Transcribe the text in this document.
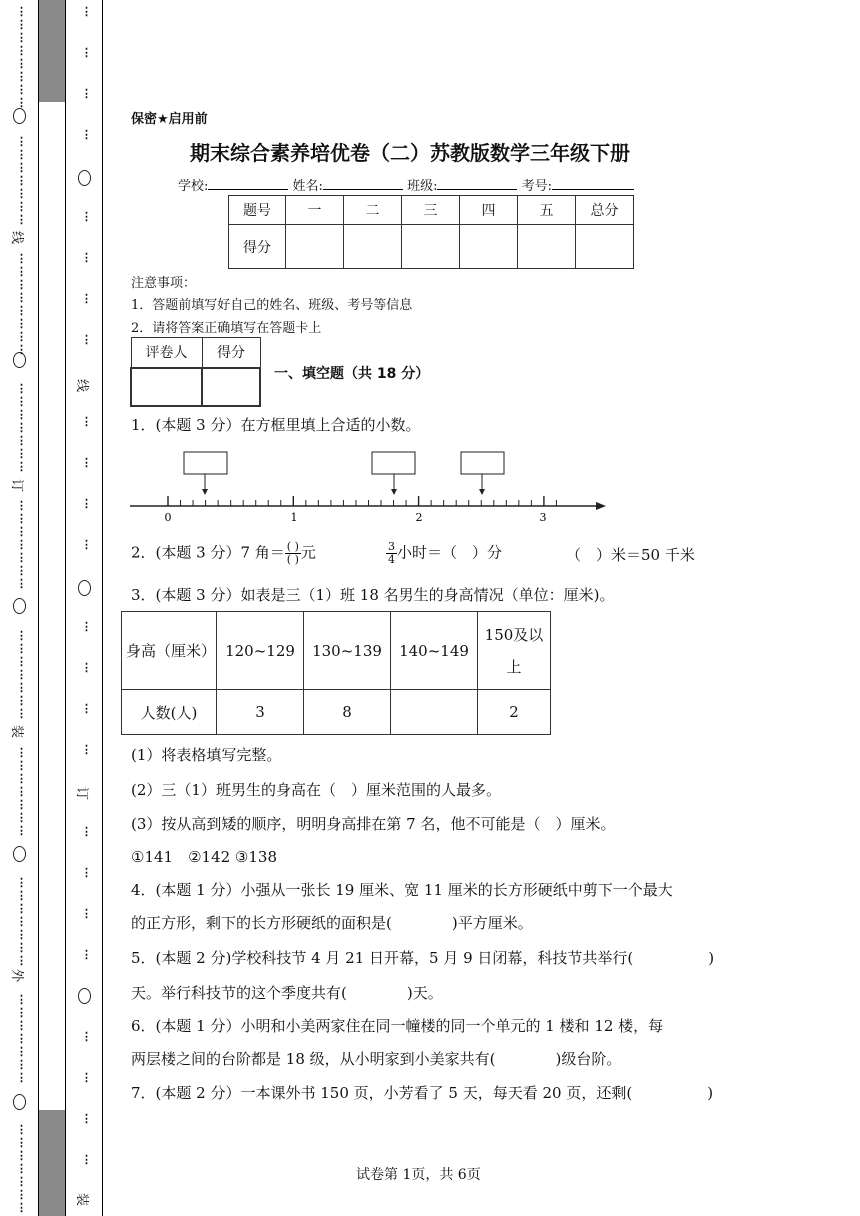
线
订
装
外
线
订
装
⋮
⋮
⋮
⋮
⋮
⋮
⋮
⋮
⋮
⋮
⋮
⋮
⋮
⋮
⋮
⋮
⋮
⋮
⋮
⋮
⋮
⋮
⋮
⋮
⋮
⋮
⋮
⋮
⋮
⋮
⋮
⋮
⋮
⋮
⋮
⋮
⋮
⋮
⋮
⋮
⋮
⋮
⋮
⋮
⋮
⋮
⋮
⋮
⋮
⋮
⋮
⋮
⋮
⋮
⋮
⋮
⋮
⋮
⋮
⋮
⋮
⋮
⋮
⋮
⋮
⋮
⋮
⋮
⋮
⋮
⋮
⋮
⋮
⋮
⋮
⋮
⋮
⋮
⋮
⋮
⋮
⋮
⋮
⋮
⋮
⋮
⋮
⋮
⋮
⋮
⋮
⋮
⋮
⋮
⋮
⋮
保密★启用前
期末综合素养培优卷（二）苏教版数学三年级下册
学校:	姓名:	班级:	考号:
题号	一	二	三	四	五	总分
得分						
注意事项：
1．答题前填写好自己的姓名、班级、考号等信息
2．请将答案正确填写在答题卡上
评卷人	得分

一、填空题（共 18 分）
1．(本题 3 分）在方框里填上合适的小数。
0	1	2	3
2．(本题 3 分）7 角＝ $\frac{( )}{( )}$ 元	$\frac{3}{4}$ 小时＝（　）分	（　）米＝50 千米
3．(本题 3 分）如表是三（1）班 18 名男生的身高情况（单位：厘米)。
身高（厘米）	120~129	130~139	140~149	150及以上
人数(人)	3	8		2
(1）将表格填写完整。
(2）三（1）班男生的身高在（　）厘米范围的人最多。
(3）按从高到矮的顺序，明明身高排在第 7 名，他不可能是（　）厘米。
①141　②142 ③138
4．(本题 1 分）小强从一张长 19 厘米、宽 11 厘米的长方形硬纸中剪下一个最大
的正方形，剩下的长方形硬纸的面积是(　　　　)平方厘米。
5．(本题 2 分)学校科技节 4 月 21 日开幕，5 月 9 日闭幕，科技节共举行(　　　　　)
天。举行科技节的这个季度共有(　　　　)天。
6．(本题 1 分）小明和小美两家住在同一幢楼的同一个单元的 1 楼和 12 楼，每
两层楼之间的台阶都是 18 级，从小明家到小美家共有(　　　　)级台阶。
7．(本题 2 分）一本课外书 150 页，小芳看了 5 天，每天看 20 页，还剩(　　　　　)
试卷第 1页，共 6页
